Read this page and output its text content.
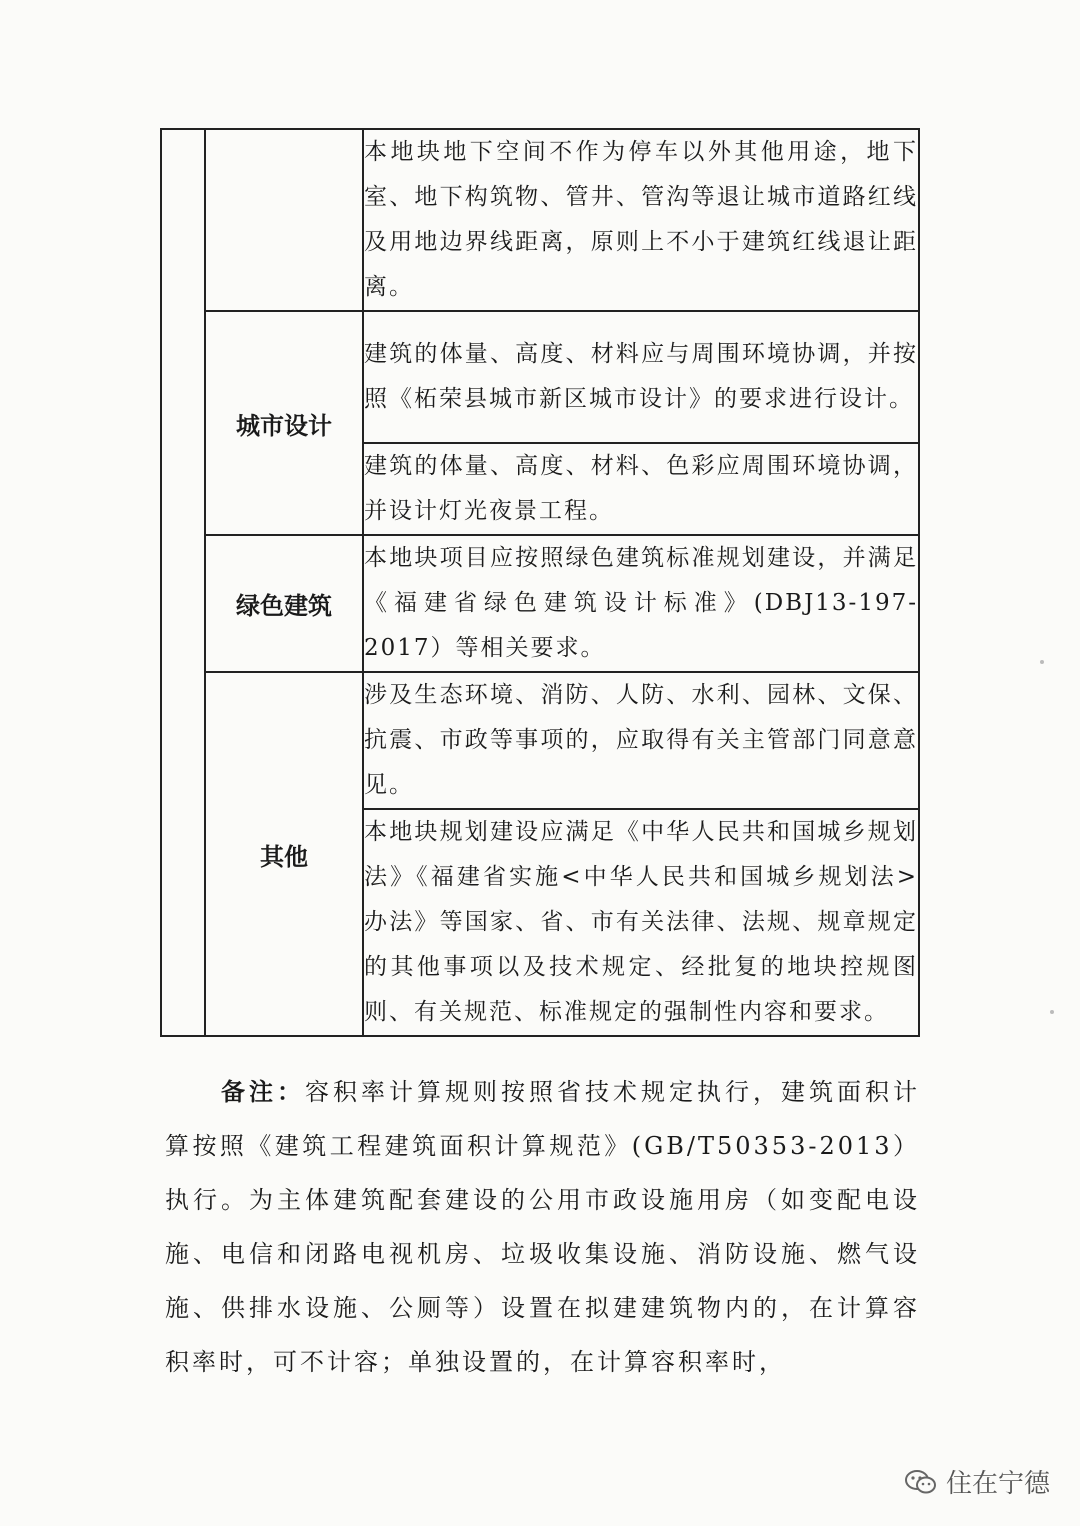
		本地块地下空间不作为停车以外其他用途，地下室、地下构筑物、管井、管沟等退让城市道路红线及用地边界线距离，原则上不小于建筑红线退让距离。
	城市设计	建筑的体量、高度、材料应与周围环境协调，并按照《柘荣县城市新区城市设计》的要求进行设计。
		建筑的体量、高度、材料、色彩应周围环境协调，并设计灯光夜景工程。
	绿色建筑	本地块项目应按照绿色建筑标准规划建设，并满足《福建省绿色建筑设计标准》(DBJ13-197-2017）等相关要求。
	其他	涉及生态环境、消防、人防、水利、园林、文保、抗震、市政等事项的，应取得有关主管部门同意意见。
		本地块规划建设应满足《中华人民共和国城乡规划法》《福建省实施<中华人民共和国城乡规划法>办法》等国家、省、市有关法律、法规、规章规定的其他事项以及技术规定、经批复的地块控规图则、有关规范、标准规定的强制性内容和要求。
备注：容积率计算规则按照省技术规定执行，建筑面积计算按照《建筑工程建筑面积计算规范》(GB/T50353-2013）执行。为主体建筑配套建设的公用市政设施用房（如变配电设施、电信和闭路电视机房、垃圾收集设施、消防设施、燃气设施、供排水设施、公厕等）设置在拟建建筑物内的，在计算容积率时，可不计容；单独设置的，在计算容积率时，
住在宁德
